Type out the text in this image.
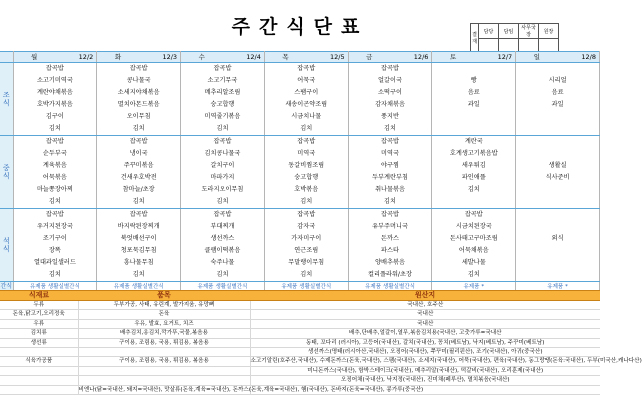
주간식단표	결재	담당	담임	사무국장	원장

	월 12/2	화 12/3	수 12/4	목 12/5	금 12/6	토 12/7	일 12/8
조식	잡곡밥	잡곡밥	잡곡밥	잡곡밥	잡곡밥		
	소고기미역국	콩나물국	소고기무국	어묵국	얼갈이국	빵	시리얼
	계란야채볶음	소세지야채볶음	메추리알조림	스팸구이	소떡구이	음료	음료
	호박가지볶음	멸치아몬드볶음	숭고합행	새송이곤약조림	감자채볶음	과일	과일
	김구이	오이무침	미역줄기볶음	시금치나물	풍지반		
	김치	김치	김치	김치	김치		
중식	잡곡밥	잡곡밥	잡곡밥	잡곡밥	잡곡밥	계란국	
	순두부국	냉이국	김치콩나물국	미역국	미역국	호계생고기볶음밥	
	계육볶음	주꾸미볶음	갈치구이	동갈비찜조림	야구찜	새우튀김	생활실
	어묵볶음	건새우호박전	마파가지	숭고합행	두부계란부침	파인애플	식사준비
	마늘쫑장아찌	참마늘/초장	도라지오이무침	호박볶음	취나물볶음	김치	
	김치	김치	김치	김치	김치		
석식	잡곡밥	잡곡밥	잡곡밥	잡곡밥	잡곡밥	잡곡밥	
	우거지된장국	바지락된장찌개	부대찌개	감자국	유부주머니국	시금치된장국	
	조기구이	북엇배선구이	생선까스	가자미구이	돈까스	돈사태고구마조림	외식
	장똑	청포묵김무침	클램이떡볶음	연근조림	파스타	어묵채볶음	
	열대과일샐러드	흥나물무침	숙주나물	무말랭이무침	양배추볶음	세발나물	
	김치	김치	김치	김치	컬리플라워/초장	김치	
간식	유제품 생활실별간식	유제품 생활실별간식	유제품 생활실별간식	유제품 생활실별간식	유제품 생활실별간식	유제품 *	유제품 *
식재료	품목	원산지
두류	두부가공, 사태, 유린계, 발가지움, 유망뼈	국내산, 호주산
돈육,닭고기,오리정육	돈육	국내산
우류	우유, 발효, 요거트, 치즈	국내산
김치류	배추김치,옹김치,깍가뚜,국물,볶음용	배추,단배추,얼갈이,열무,볶음김치용(국내산, 고춧가루=국내산
생선류	구이용, 조림용, 국용, 튀김용, 볶음용	동태, 꼬다리 (러시아), 고등어(국내산), 갈치(국내산), 꽁치(베트남), 낙지(베트남), 주꾸미(베트남)
		생선까스(명태(러시아산,국내산), 오징어(국내산), 쭈꾸미(필리핀산), 조기(국내산), 아귀(중국산)
식육가공품	구이용, 조림용, 국용, 튀김용, 볶음용	소고기알린(호주산,국내산), 수제돈까스(돈육,국내산), 스팸(국내산), 소세지(국내산), 어묵(국내산), 편육(국내산), 동그랑땡(돈육:국내산), 두부(미국산,캐나다산)
		미니돈까스(국내산), 함박스테이크(국내산), 메추리알(국내산), 떡갈비(국내산), 오리훈제(국내산)
		오징어채(국내산), 낙지정(국내산), 진미채(페루산), 멸치볶음(국내산)
	비엔나(닭=국내산, 돼지=국내산), 맛살류(돈육,계육=국내산), 돈까스(돈육,계육=국내산), 햄(국내산), 돈바지(돈육=국내산), 콩가루(중국산)	
